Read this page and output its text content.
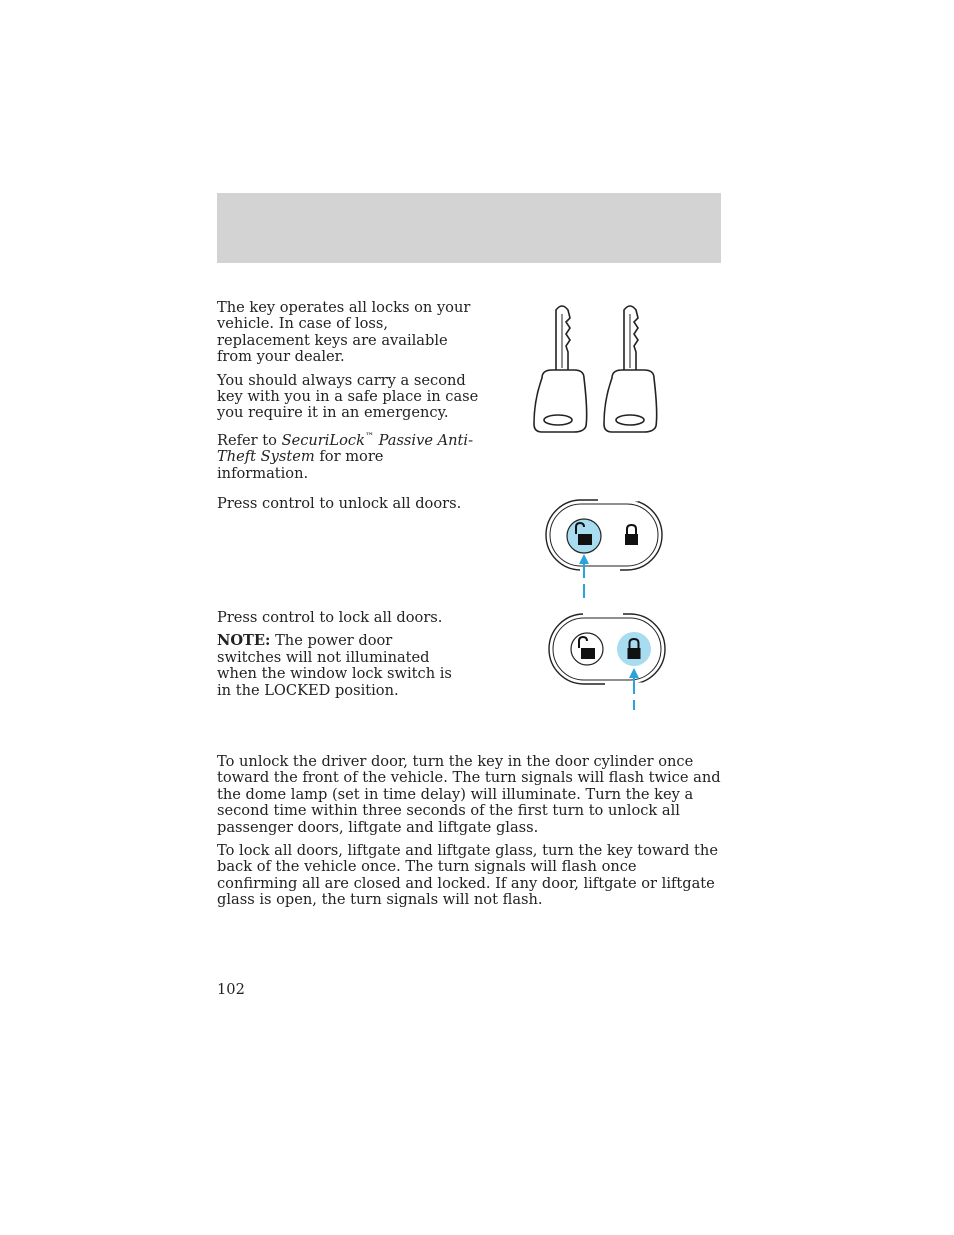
The key operates all locks on your vehicle. In case of loss, replacement keys are available from your dealer.

You should always carry a second key with you in a safe place in case you require it in an emergency.

Refer to SecuriLock™ Passive Anti-Theft System for more information.

Press control to unlock all doors.

Press control to lock all doors.

NOTE: The power door switches will not illuminated when the window lock switch is in the LOCKED position.

To unlock the driver door, turn the key in the door cylinder once toward the front of the vehicle. The turn signals will flash twice and the dome lamp (set in time delay) will illuminate. Turn the key a second time within three seconds of the first turn to unlock all passenger doors, liftgate and liftgate glass.

To lock all doors, liftgate and liftgate glass, turn the key toward the back of the vehicle once. The turn signals will flash once confirming all are closed and locked. If any door, liftgate or liftgate glass is open, the turn signals will not flash.

102
